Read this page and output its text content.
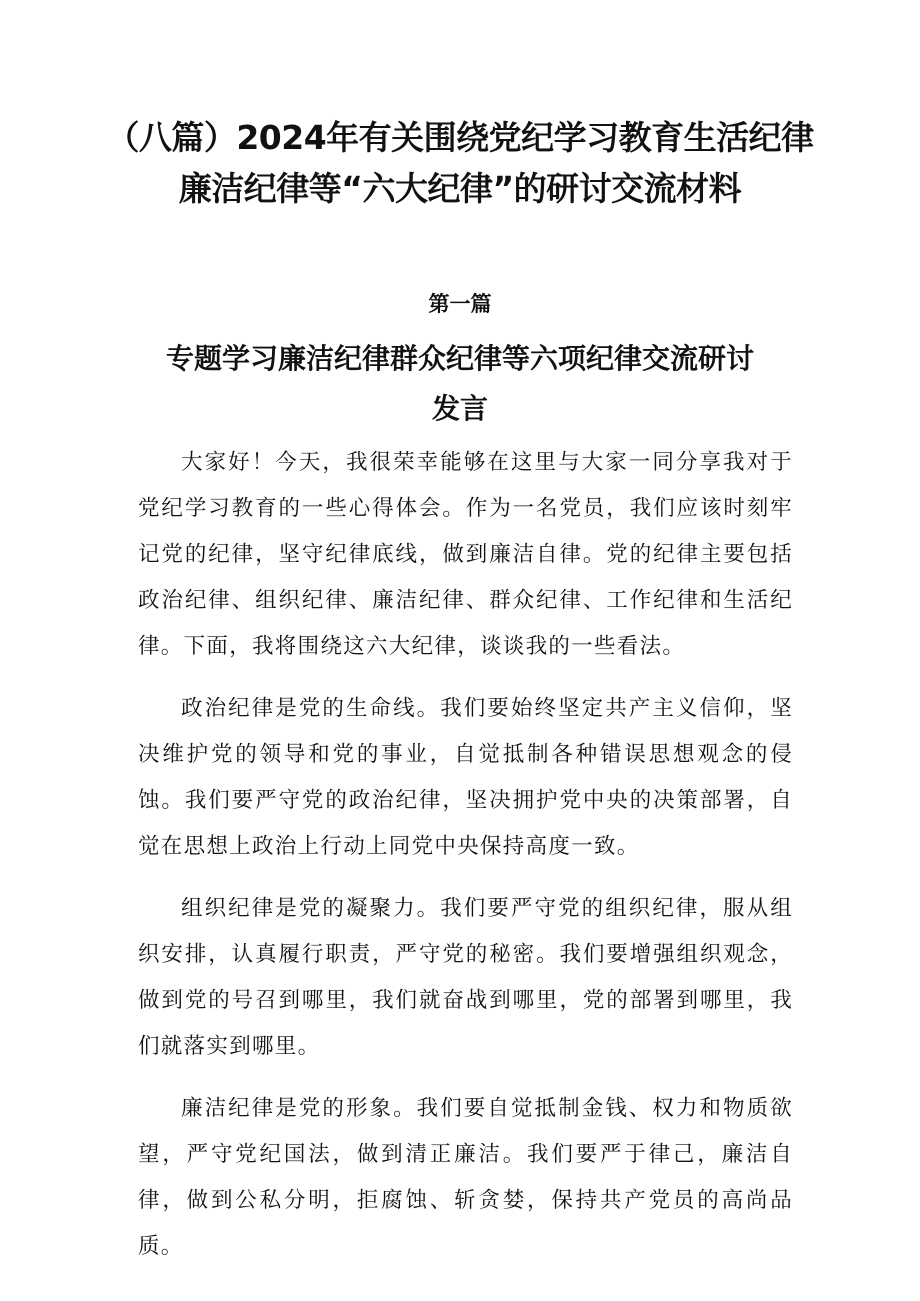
（八篇）2024年有关围绕党纪学习教育生活纪律廉洁纪律等“六大纪律”的研讨交流材料
第一篇
专题学习廉洁纪律群众纪律等六项纪律交流研讨发言

大家好！今天，我很荣幸能够在这里与大家一同分享我对于党纪学习教育的一些心得体会。作为一名党员，我们应该时刻牢记党的纪律，坚守纪律底线，做到廉洁自律。党的纪律主要包括政治纪律、组织纪律、廉洁纪律、群众纪律、工作纪律和生活纪律。下面，我将围绕这六大纪律，谈谈我的一些看法。

政治纪律是党的生命线。我们要始终坚定共产主义信仰，坚决维护党的领导和党的事业，自觉抵制各种错误思想观念的侵蚀。我们要严守党的政治纪律，坚决拥护党中央的决策部署，自觉在思想上政治上行动上同党中央保持高度一致。

组织纪律是党的凝聚力。我们要严守党的组织纪律，服从组织安排，认真履行职责，严守党的秘密。我们要增强组织观念，做到党的号召到哪里，我们就奋战到哪里，党的部署到哪里，我们就落实到哪里。

廉洁纪律是党的形象。我们要自觉抵制金钱、权力和物质欲望，严守党纪国法，做到清正廉洁。我们要严于律己，廉洁自律，做到公私分明，拒腐蚀、斩贪婪，保持共产党员的高尚品质。
